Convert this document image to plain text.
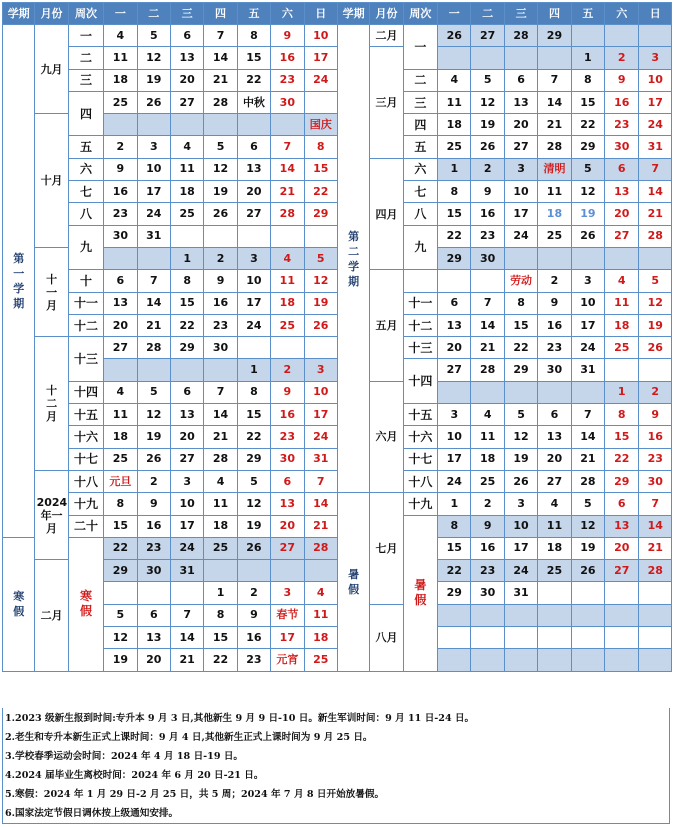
学期	月份	周次	一	二	三	四	五	六	日	学期	月份	周次	一	二	三	四	五	六	日
第一学期	九月	一	4	5	6	7	8	9	10	第二学期	二月	一	26	27	28	29			
		二	11	12	13	14	15	16	17		三月						1	2	3
		三	18	19	20	21	22	23	24			二	4	5	6	7	8	9	10
		四	25	26	27	28	中秋	30				三	11	12	13	14	15	16	17
	十月								国庆			四	18	19	20	21	22	23	24
		五	2	3	4	5	6	7	8			五	25	26	27	28	29	30	31
		六	9	10	11	12	13	14	15		四月	六	1	2	3	清明	5	6	7
		七	16	17	18	19	20	21	22			七	8	9	10	11	12	13	14
		八	23	24	25	26	27	28	29			八	15	16	17	18	19	20	21
		九	30	31								九	22	23	24	25	26	27	28
	十一月				1	2	3	4	5				29	30					
		十	6	7	8	9	10	11	12		五月				劳动	2	3	4	5
		十一	13	14	15	16	17	18	19			十一	6	7	8	9	10	11	12
		十二	20	21	22	23	24	25	26			十二	13	14	15	16	17	18	19
	十二月	十三	27	28	29	30						十三	20	21	22	23	24	25	26
							1	2	3			十四	27	28	29	30	31		
		十四	4	5	6	7	8	9	10		六月							1	2
		十五	11	12	13	14	15	16	17			十五	3	4	5	6	7	8	9
		十六	18	19	20	21	22	23	24			十六	10	11	12	13	14	15	16
		十七	25	26	27	28	29	30	31			十七	17	18	19	20	21	22	23
	2024年一月	十八	元旦	2	3	4	5	6	7			十八	24	25	26	27	28	29	30
		十九	8	9	10	11	12	13	14	暑假	七月	十九	1	2	3	4	5	6	7
		二十	15	16	17	18	19	20	21			暑假	8	9	10	11	12	13	14
寒假		寒假	22	23	24	25	26	27	28				15	16	17	18	19	20	21
	二月		29	30	31								22	23	24	25	26	27	28
						1	2	3	4				29	30	31				
			5	6	7	8	9	春节	11		八月								
			12	13	14	15	16	17	18										
			19	20	21	22	23	元宵	25										
1.2023 级新生报到时间:专升本 9 月 3 日,其他新生 9 月 9 日-10 日。新生军训时间：9 月 11 日-24 日。
2.老生和专升本新生正式上课时间：9 月 4 日,其他新生正式上课时间为 9 月 25 日。
3.学校春季运动会时间：2024 年 4 月 18 日-19 日。
4.2024 届毕业生离校时间：2024 年 6 月 20 日-21 日。
5.寒假：2024 年 1 月 29 日-2 月 25 日，共 5 周；2024 年 7 月 8 日开始放暑假。
6.国家法定节假日调休按上级通知安排。
